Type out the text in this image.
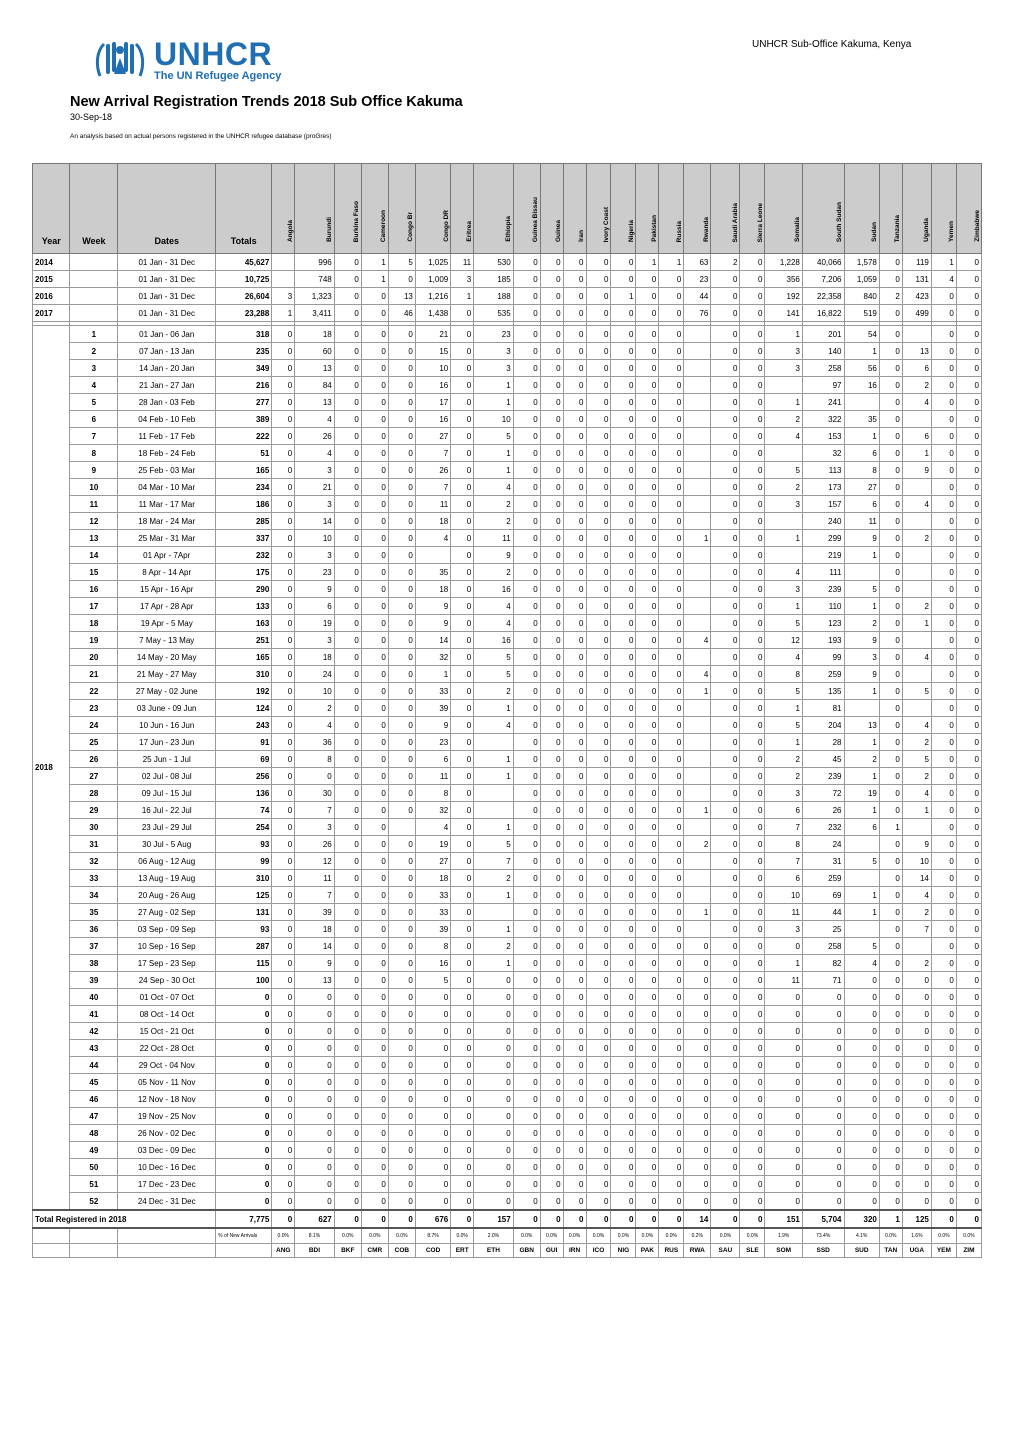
UNHCR
The UN Refugee Agency
UNHCR Sub-Office Kakuma, Kenya
New Arrival Registration Trends 2018 Sub Office Kakuma
30-Sep-18
An analysis based on actual persons registered in the UNHCR refugee database (proGres)
Year	Week	Dates	Totals	Angola	Burundi	Burkina Faso	Cameroon	Congo Br	Congo DR	Eritrea	Ethiopia	Guinea Bissau	Guinea	Iran	Ivory Coast	Nigeria	Pakistan	Russia	Rwanda	Saudi Arabia	Sierra Leone	Somalia	South Sudan	Sudan	Tanzania	Uganda	Yemen	Zimbabwe
2014		01 Jan - 31 Dec	45,627		996	0	1	5	1,025	11	530	0	0	0	0	0	1	1	63	2	0	1,228	40,066	1,578	0	119	1	0
2015		01 Jan - 31 Dec	10,725		748	0	1	0	1,009	3	185	0	0	0	0	0	0	0	23	0	0	356	7,206	1,059	0	131	4	0
2016		01 Jan - 31 Dec	26,604	3	1,323	0	0	13	1,216	1	188	0	0	0	0	1	0	0	44	0	0	192	22,358	840	2	423	0	0
2017		01 Jan - 31 Dec	23,288	1	3,411	0	0	46	1,438	0	535	0	0	0	0	0	0	0	76	0	0	141	16,822	519	0	499	0	0

2018	1	01 Jan - 06 Jan	318	0	18	0	0	0	21	0	23	0	0	0	0	0	0	0		0	0	1	201	54	0		0	0
	2	07 Jan - 13 Jan	235	0	60	0	0	0	15	0	3	0	0	0	0	0	0	0		0	0	3	140	1	0	13	0	0
	3	14 Jan - 20 Jan	349	0	13	0	0	0	10	0	3	0	0	0	0	0	0	0		0	0	3	258	56	0	6	0	0
	4	21 Jan - 27 Jan	216	0	84	0	0	0	16	0	1	0	0	0	0	0	0	0		0	0		97	16	0	2	0	0
	5	28 Jan - 03 Feb	277	0	13	0	0	0	17	0	1	0	0	0	0	0	0	0		0	0	1	241		0	4	0	0
	6	04 Feb - 10 Feb	389	0	4	0	0	0	16	0	10	0	0	0	0	0	0	0		0	0	2	322	35	0		0	0
	7	11 Feb - 17 Feb	222	0	26	0	0	0	27	0	5	0	0	0	0	0	0	0		0	0	4	153	1	0	6	0	0
	8	18 Feb - 24 Feb	51	0	4	0	0	0	7	0	1	0	0	0	0	0	0	0		0	0		32	6	0	1	0	0
	9	25 Feb - 03 Mar	165	0	3	0	0	0	26	0	1	0	0	0	0	0	0	0		0	0	5	113	8	0	9	0	0
	10	04 Mar - 10 Mar	234	0	21	0	0	0	7	0	4	0	0	0	0	0	0	0		0	0	2	173	27	0		0	0
	11	11 Mar - 17 Mar	186	0	3	0	0	0	11	0	2	0	0	0	0	0	0	0		0	0	3	157	6	0	4	0	0
	12	18 Mar - 24 Mar	285	0	14	0	0	0	18	0	2	0	0	0	0	0	0	0		0	0		240	11	0		0	0
	13	25 Mar - 31 Mar	337	0	10	0	0	0	4	0	11	0	0	0	0	0	0	0	1	0	0	1	299	9	0	2	0	0
	14	01 Apr - 7Apr	232	0	3	0	0	0		0	9	0	0	0	0	0	0	0		0	0		219	1	0		0	0
	15	8 Apr - 14 Apr	175	0	23	0	0	0	35	0	2	0	0	0	0	0	0	0		0	0	4	111		0		0	0
	16	15 Apr - 16 Apr	290	0	9	0	0	0	18	0	16	0	0	0	0	0	0	0		0	0	3	239	5	0		0	0
	17	17 Apr - 28 Apr	133	0	6	0	0	0	9	0	4	0	0	0	0	0	0	0		0	0	1	110	1	0	2	0	0
	18	19 Apr - 5 May	163	0	19	0	0	0	9	0	4	0	0	0	0	0	0	0		0	0	5	123	2	0	1	0	0
	19	7 May - 13 May	251	0	3	0	0	0	14	0	16	0	0	0	0	0	0	0	4	0	0	12	193	9	0		0	0
	20	14 May - 20 May	165	0	18	0	0	0	32	0	5	0	0	0	0	0	0	0		0	0	4	99	3	0	4	0	0
	21	21 May - 27 May	310	0	24	0	0	0	1	0	5	0	0	0	0	0	0	0	4	0	0	8	259	9	0		0	0
	22	27 May - 02 June	192	0	10	0	0	0	33	0	2	0	0	0	0	0	0	0	1	0	0	5	135	1	0	5	0	0
	23	03 June - 09 Jun	124	0	2	0	0	0	39	0	1	0	0	0	0	0	0	0		0	0	1	81		0		0	0
	24	10 Jun - 16 Jun	243	0	4	0	0	0	9	0	4	0	0	0	0	0	0	0		0	0	5	204	13	0	4	0	0
	25	17 Jun - 23 Jun	91	0	36	0	0	0	23	0		0	0	0	0	0	0	0		0	0	1	28	1	0	2	0	0
	26	25 Jun - 1 Jul	69	0	8	0	0	0	6	0	1	0	0	0	0	0	0	0		0	0	2	45	2	0	5	0	0
	27	02 Jul - 08 Jul	256	0	0	0	0	0	11	0	1	0	0	0	0	0	0	0		0	0	2	239	1	0	2	0	0
	28	09 Jul - 15 Jul	136	0	30	0	0	0	8	0		0	0	0	0	0	0	0		0	0	3	72	19	0	4	0	0
	29	16 Jul - 22 Jul	74	0	7	0	0	0	32	0		0	0	0	0	0	0	0	1	0	0	6	26	1	0	1	0	0
	30	23 Jul - 29 Jul	254	0	3	0	0		4	0	1	0	0	0	0	0	0	0		0	0	7	232	6	1		0	0
	31	30 Jul - 5 Aug	93	0	26	0	0	0	19	0	5	0	0	0	0	0	0	0	2	0	0	8	24		0	9	0	0
	32	06 Aug - 12 Aug	99	0	12	0	0	0	27	0	7	0	0	0	0	0	0	0		0	0	7	31	5	0	10	0	0
	33	13 Aug - 19 Aug	310	0	11	0	0	0	18	0	2	0	0	0	0	0	0	0		0	0	6	259		0	14	0	0
	34	20 Aug - 26 Aug	125	0	7	0	0	0	33	0	1	0	0	0	0	0	0	0		0	0	10	69	1	0	4	0	0
	35	27 Aug - 02 Sep	131	0	39	0	0	0	33	0		0	0	0	0	0	0	0	1	0	0	11	44	1	0	2	0	0
	36	03 Sep - 09 Sep	93	0	18	0	0	0	39	0	1	0	0	0	0	0	0	0		0	0	3	25		0	7	0	0
	37	10 Sep - 16 Sep	287	0	14	0	0	0	8	0	2	0	0	0	0	0	0	0	0	0	0	0	258	5	0		0	0
	38	17 Sep - 23 Sep	115	0	9	0	0	0	16	0	1	0	0	0	0	0	0	0	0	0	0	1	82	4	0	2	0	0
	39	24 Sep - 30 Oct	100	0	13	0	0	0	5	0	0	0	0	0	0	0	0	0	0	0	0	11	71	0	0	0	0	0
	40	01 Oct - 07 Oct	0	0	0	0	0	0	0	0	0	0	0	0	0	0	0	0	0	0	0	0	0	0	0	0	0	0
	41	08 Oct - 14 Oct	0	0	0	0	0	0	0	0	0	0	0	0	0	0	0	0	0	0	0	0	0	0	0	0	0	0
	42	15 Oct - 21 Oct	0	0	0	0	0	0	0	0	0	0	0	0	0	0	0	0	0	0	0	0	0	0	0	0	0	0
	43	22 Oct - 28 Oct	0	0	0	0	0	0	0	0	0	0	0	0	0	0	0	0	0	0	0	0	0	0	0	0	0	0
	44	29 Oct - 04 Nov	0	0	0	0	0	0	0	0	0	0	0	0	0	0	0	0	0	0	0	0	0	0	0	0	0	0
	45	05 Nov - 11 Nov	0	0	0	0	0	0	0	0	0	0	0	0	0	0	0	0	0	0	0	0	0	0	0	0	0	0
	46	12 Nov - 18 Nov	0	0	0	0	0	0	0	0	0	0	0	0	0	0	0	0	0	0	0	0	0	0	0	0	0	0
	47	19 Nov - 25 Nov	0	0	0	0	0	0	0	0	0	0	0	0	0	0	0	0	0	0	0	0	0	0	0	0	0	0
	48	26 Nov - 02 Dec	0	0	0	0	0	0	0	0	0	0	0	0	0	0	0	0	0	0	0	0	0	0	0	0	0	0
	49	03 Dec - 09 Dec	0	0	0	0	0	0	0	0	0	0	0	0	0	0	0	0	0	0	0	0	0	0	0	0	0	0
	50	10 Dec - 16 Dec	0	0	0	0	0	0	0	0	0	0	0	0	0	0	0	0	0	0	0	0	0	0	0	0	0	0
	51	17 Dec - 23 Dec	0	0	0	0	0	0	0	0	0	0	0	0	0	0	0	0	0	0	0	0	0	0	0	0	0	0
	52	24 Dec - 31 Dec	0	0	0	0	0	0	0	0	0	0	0	0	0	0	0	0	0	0	0	0	0	0	0	0	0	0
Total Registered in 2018			7,775	0	627	0	0	0	676	0	157	0	0	0	0	0	0	0	14	0	0	151	5,704	320	1	125	0	0
			% of New Arrivals	0.0%	8.1%	0.0%	0.0%	0.0%	8.7%	0.0%	2.0%	0.0%	0.0%	0.0%	0.0%	0.0%	0.0%	0.0%	0.2%	0.0%	0.0%	1.9%	73.4%	4.1%	0.0%	1.6%	0.0%	0.0%
				ANG	BDI	BKF	CMR	COB	COD	ERT	ETH	GBN	GUI	IRN	ICO	NIG	PAK	RUS	RWA	SAU	SLE	SOM	SSD	SUD	TAN	UGA	YEM	ZIM
